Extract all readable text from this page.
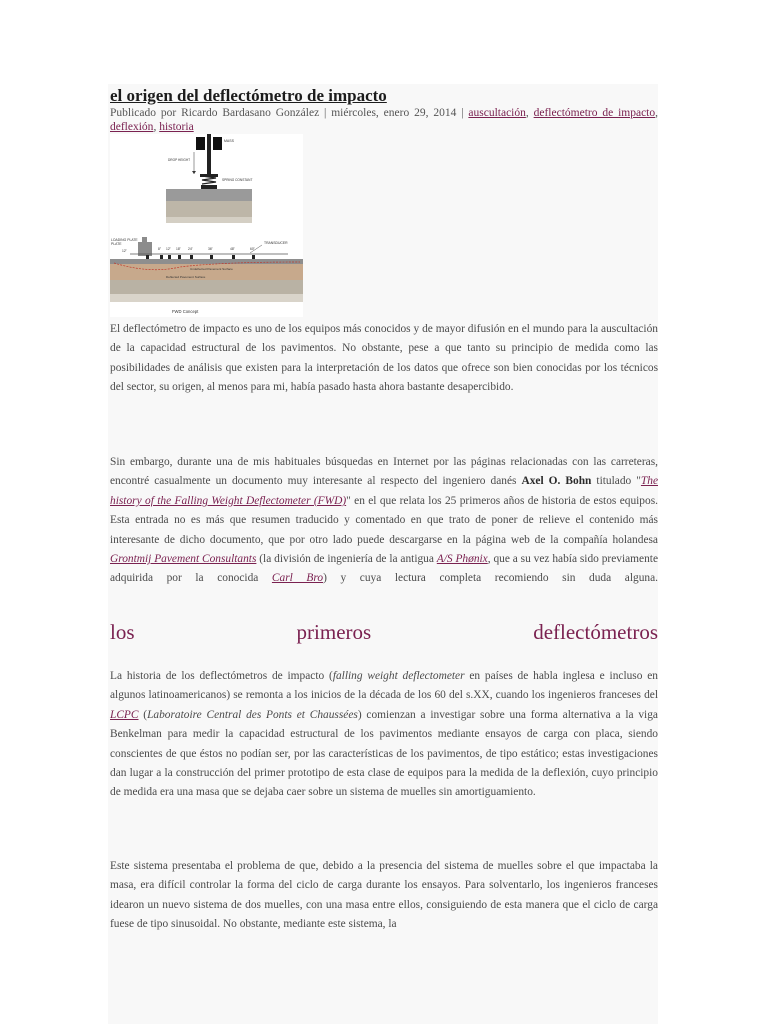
el origen del deflectómetro de impacto
Publicado por Ricardo Bardasano González | miércoles, enero 29, 2014 | auscultación, deflectómetro de impacto, deflexión, historia
MASS
DROP HEIGHT
SPRING CONSTANT
LOADING PLATE
PLATE	TRANSDUCER
12"	8" 12" 18" 24"	36"	48"	60"
Undeflected Pavement Surface
Deflected Pavement Surface
FWD Concept

El deflectómetro de impacto es uno de los equipos más conocidos y de mayor difusión en el mundo para la auscultación de la capacidad estructural de los pavimentos. No obstante, pese a que tanto su principio de medida como las posibilidades de análisis que existen para la interpretación de los datos que ofrece son bien conocidas por los técnicos del sector, su origen, al menos para mi, había pasado hasta ahora bastante desapercibido.

Sin embargo, durante una de mis habituales búsquedas en Internet por las páginas relacionadas con las carreteras, encontré casualmente un documento muy interesante al respecto del ingeniero danés Axel O. Bohn titulado "The history of the Falling Weight Deflectometer (FWD)" en el que relata los 25 primeros años de historia de estos equipos. Esta entrada no es más que resumen traducido y comentado en que trato de poner de relieve el contenido más interesante de dicho documento, que por otro lado puede descargarse en la página web de la compañía holandesa Grontmij Pavement Consultants (la división de ingeniería de la antigua A/S Phønix, que a su vez había sido previamente adquirida por la conocida Carl Bro) y cuya lectura completa recomiendo sin duda alguna.

los primeros deflectómetros

La historia de los deflectómetros de impacto (falling weight deflectometer en países de habla inglesa e incluso en algunos latinoamericanos) se remonta a los inicios de la década de los 60 del s.XX, cuando los ingenieros franceses del LCPC (Laboratoire Central des Ponts et Chaussées) comienzan a investigar sobre una forma alternativa a la viga Benkelman para medir la capacidad estructural de los pavimentos mediante ensayos de carga con placa, siendo conscientes de que éstos no podían ser, por las características de los pavimentos, de tipo estático; estas investigaciones dan lugar a la construcción del primer prototipo de esta clase de equipos para la medida de la deflexión, cuyo principio de medida era una masa que se dejaba caer sobre un sistema de muelles sin amortiguamiento.

Este sistema presentaba el problema de que, debido a la presencia del sistema de muelles sobre el que impactaba la masa, era difícil controlar la forma del ciclo de carga durante los ensayos. Para solventarlo, los ingenieros franceses idearon un nuevo sistema de dos muelles, con una masa entre ellos, consiguiendo de esta manera que el ciclo de carga fuese de tipo sinusoidal. No obstante, mediante este sistema, la
